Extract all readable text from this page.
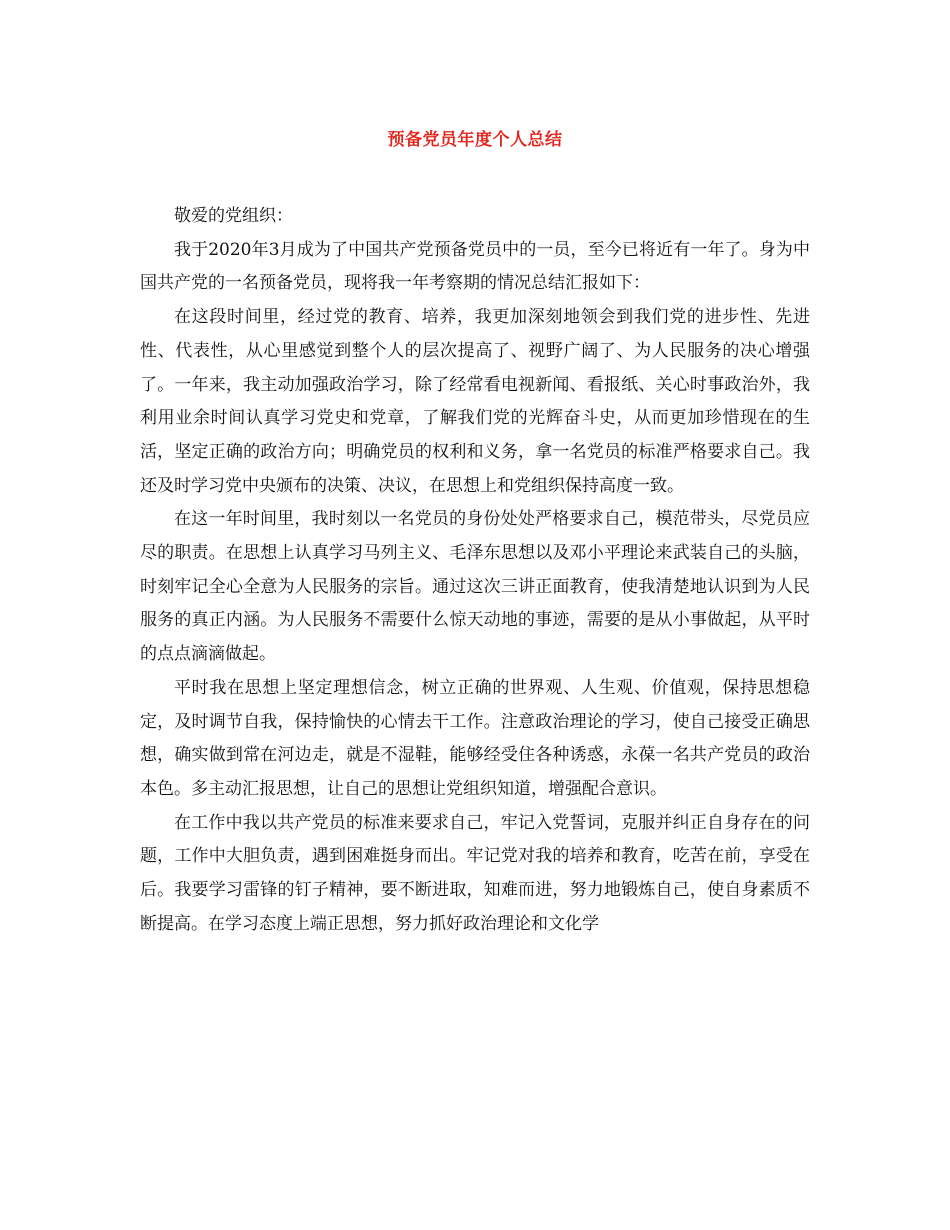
预备党员年度个人总结

敬爱的党组织：

我于2020年3月成为了中国共产党预备党员中的一员，至今已将近有一年了。身为中国共产党的一名预备党员，现将我一年考察期的情况总结汇报如下：

在这段时间里，经过党的教育、培养，我更加深刻地领会到我们党的进步性、先进性、代表性，从心里感觉到整个人的层次提高了、视野广阔了、为人民服务的决心增强了。一年来，我主动加强政治学习，除了经常看电视新闻、看报纸、关心时事政治外，我利用业余时间认真学习党史和党章，了解我们党的光辉奋斗史，从而更加珍惜现在的生活，坚定正确的政治方向；明确党员的权利和义务，拿一名党员的标准严格要求自己。我还及时学习党中央颁布的决策、决议，在思想上和党组织保持高度一致。

在这一年时间里，我时刻以一名党员的身份处处严格要求自己，模范带头，尽党员应尽的职责。在思想上认真学习马列主义、毛泽东思想以及邓小平理论来武装自己的头脑，时刻牢记全心全意为人民服务的宗旨。通过这次三讲正面教育，使我清楚地认识到为人民服务的真正内涵。为人民服务不需要什么惊天动地的事迹，需要的是从小事做起，从平时的点点滴滴做起。

平时我在思想上坚定理想信念，树立正确的世界观、人生观、价值观，保持思想稳定，及时调节自我，保持愉快的心情去干工作。注意政治理论的学习，使自己接受正确思想，确实做到常在河边走，就是不湿鞋，能够经受住各种诱惑，永葆一名共产党员的政治本色。多主动汇报思想，让自己的思想让党组织知道，增强配合意识。

在工作中我以共产党员的标准来要求自己，牢记入党誓词，克服并纠正自身存在的问题，工作中大胆负责，遇到困难挺身而出。牢记党对我的培养和教育，吃苦在前，享受在后。我要学习雷锋的钉子精神，要不断进取，知难而进，努力地锻炼自己，使自身素质不断提高。在学习态度上端正思想，努力抓好政治理论和文化学
